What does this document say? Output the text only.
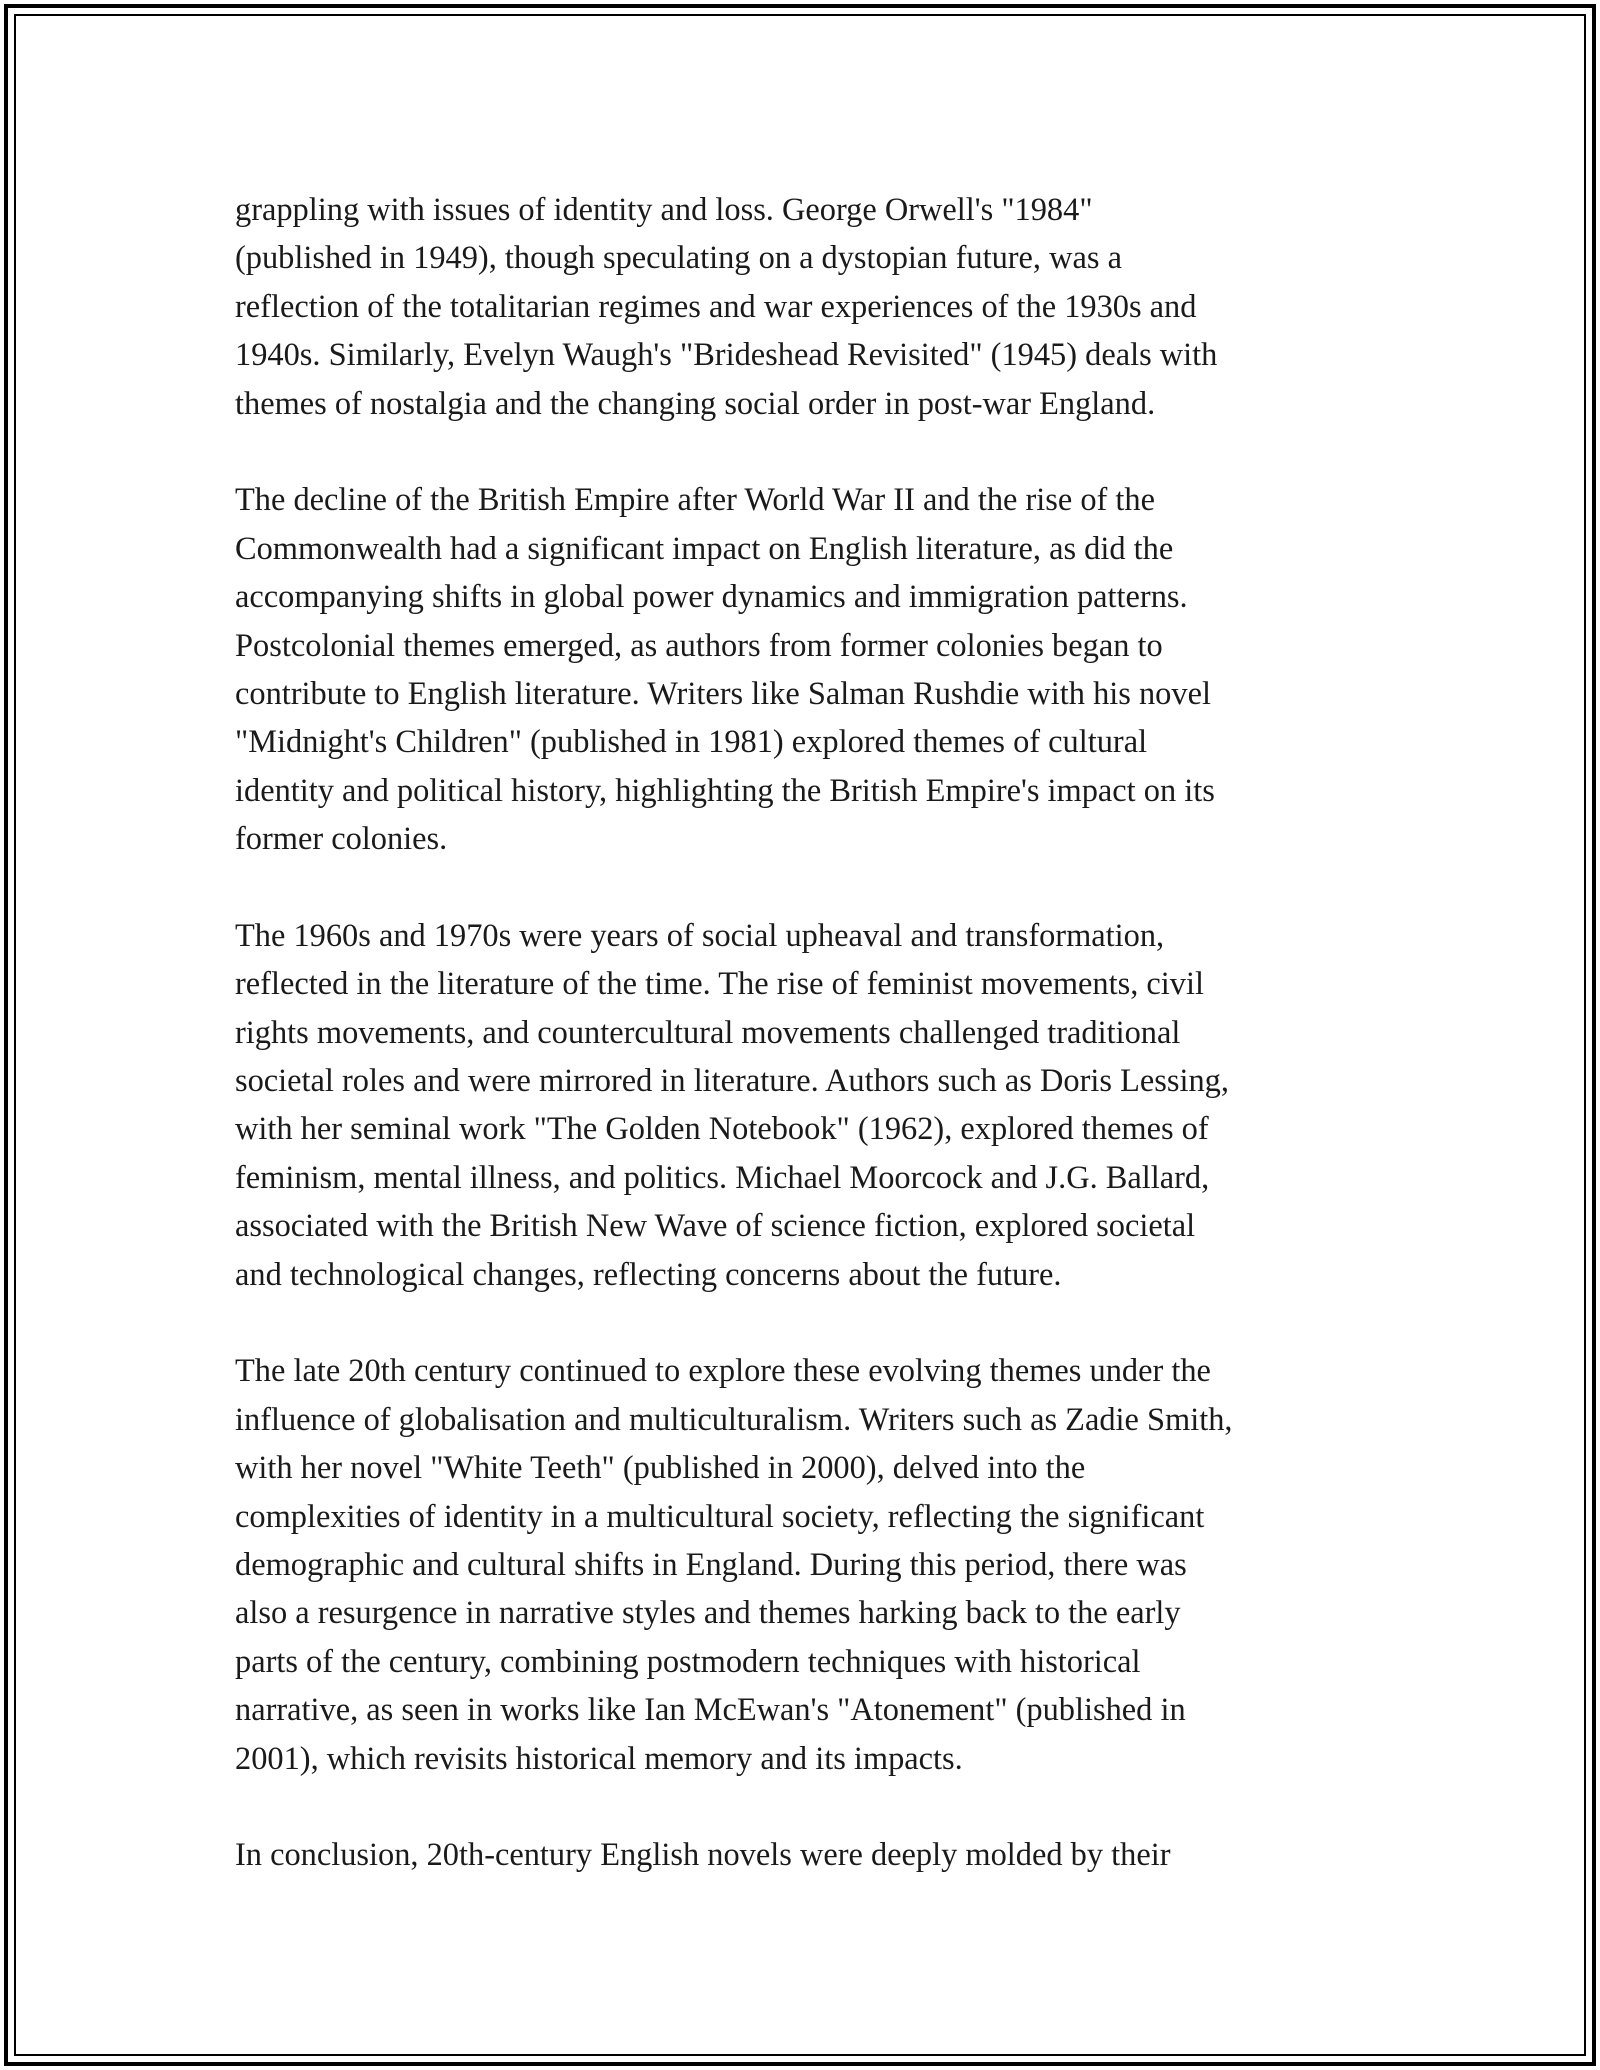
grappling with issues of identity and loss. George Orwell's "1984"
(published in 1949), though speculating on a dystopian future, was a
reflection of the totalitarian regimes and war experiences of the 1930s and
1940s. Similarly, Evelyn Waugh's "Brideshead Revisited" (1945) deals with
themes of nostalgia and the changing social order in post-war England.

The decline of the British Empire after World War II and the rise of the
Commonwealth had a significant impact on English literature, as did the
accompanying shifts in global power dynamics and immigration patterns.
Postcolonial themes emerged, as authors from former colonies began to
contribute to English literature. Writers like Salman Rushdie with his novel
"Midnight's Children" (published in 1981) explored themes of cultural
identity and political history, highlighting the British Empire's impact on its
former colonies.

The 1960s and 1970s were years of social upheaval and transformation,
reflected in the literature of the time. The rise of feminist movements, civil
rights movements, and countercultural movements challenged traditional
societal roles and were mirrored in literature. Authors such as Doris Lessing,
with her seminal work "The Golden Notebook" (1962), explored themes of
feminism, mental illness, and politics. Michael Moorcock and J.G. Ballard,
associated with the British New Wave of science fiction, explored societal
and technological changes, reflecting concerns about the future.

The late 20th century continued to explore these evolving themes under the
influence of globalisation and multiculturalism. Writers such as Zadie Smith,
with her novel "White Teeth" (published in 2000), delved into the
complexities of identity in a multicultural society, reflecting the significant
demographic and cultural shifts in England. During this period, there was
also a resurgence in narrative styles and themes harking back to the early
parts of the century, combining postmodern techniques with historical
narrative, as seen in works like Ian McEwan's "Atonement" (published in
2001), which revisits historical memory and its impacts.

In conclusion, 20th-century English novels were deeply molded by their
